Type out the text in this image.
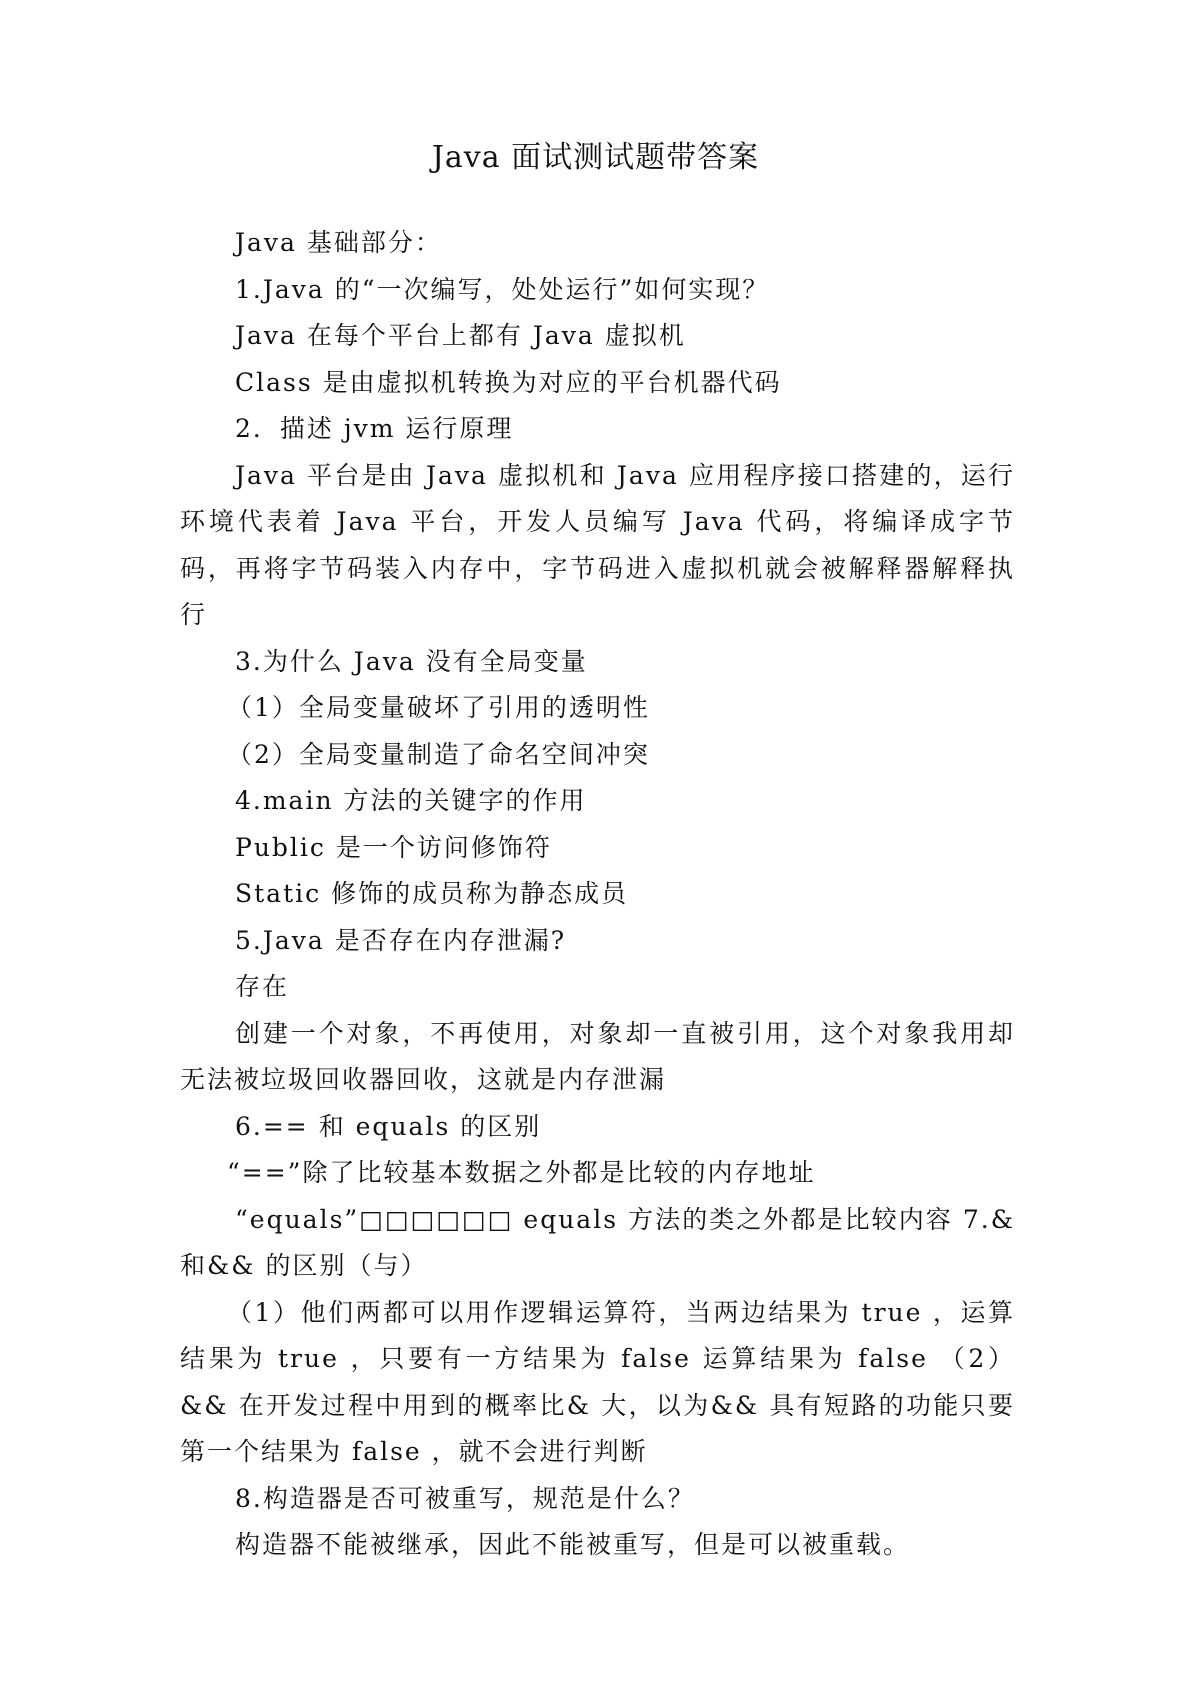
Java 面试测试题带答案

Java 基础部分：

1.Java 的“一次编写，处处运行”如何实现？

Java 在每个平台上都有 Java 虚拟机

Class 是由虚拟机转换为对应的平台机器代码

2．描述 jvm 运行原理

Java 平台是由 Java 虚拟机和 Java 应用程序接口搭建的，运行环境代表着 Java 平台，开发人员编写 Java 代码，将编译成字节码，再将字节码装入内存中，字节码进入虚拟机就会被解释器解释执行

3.为什么 Java 没有全局变量

（1）全局变量破坏了引用的透明性

（2）全局变量制造了命名空间冲突

4.main 方法的关键字的作用

Public 是一个访问修饰符

Static 修饰的成员称为静态成员

5.Java 是否存在内存泄漏?

存在

创建一个对象，不再使用，对象却一直被引用，这个对象我用却无法被垃圾回收器回收，这就是内存泄漏

6.== 和 equals 的区别

“==”除了比较基本数据之外都是比较的内存地址

“equals”□□□□□□ equals 方法的类之外都是比较内容 7.&和&& 的区别（与）

（1）他们两都可以用作逻辑运算符，当两边结果为 true ，运算结果为 true ，只要有一方结果为 false 运算结果为 false （2）&& 在开发过程中用到的概率比& 大，以为&& 具有短路的功能只要第一个结果为 false ，就不会进行判断

8.构造器是否可被重写，规范是什么？

构造器不能被继承，因此不能被重写，但是可以被重载。
